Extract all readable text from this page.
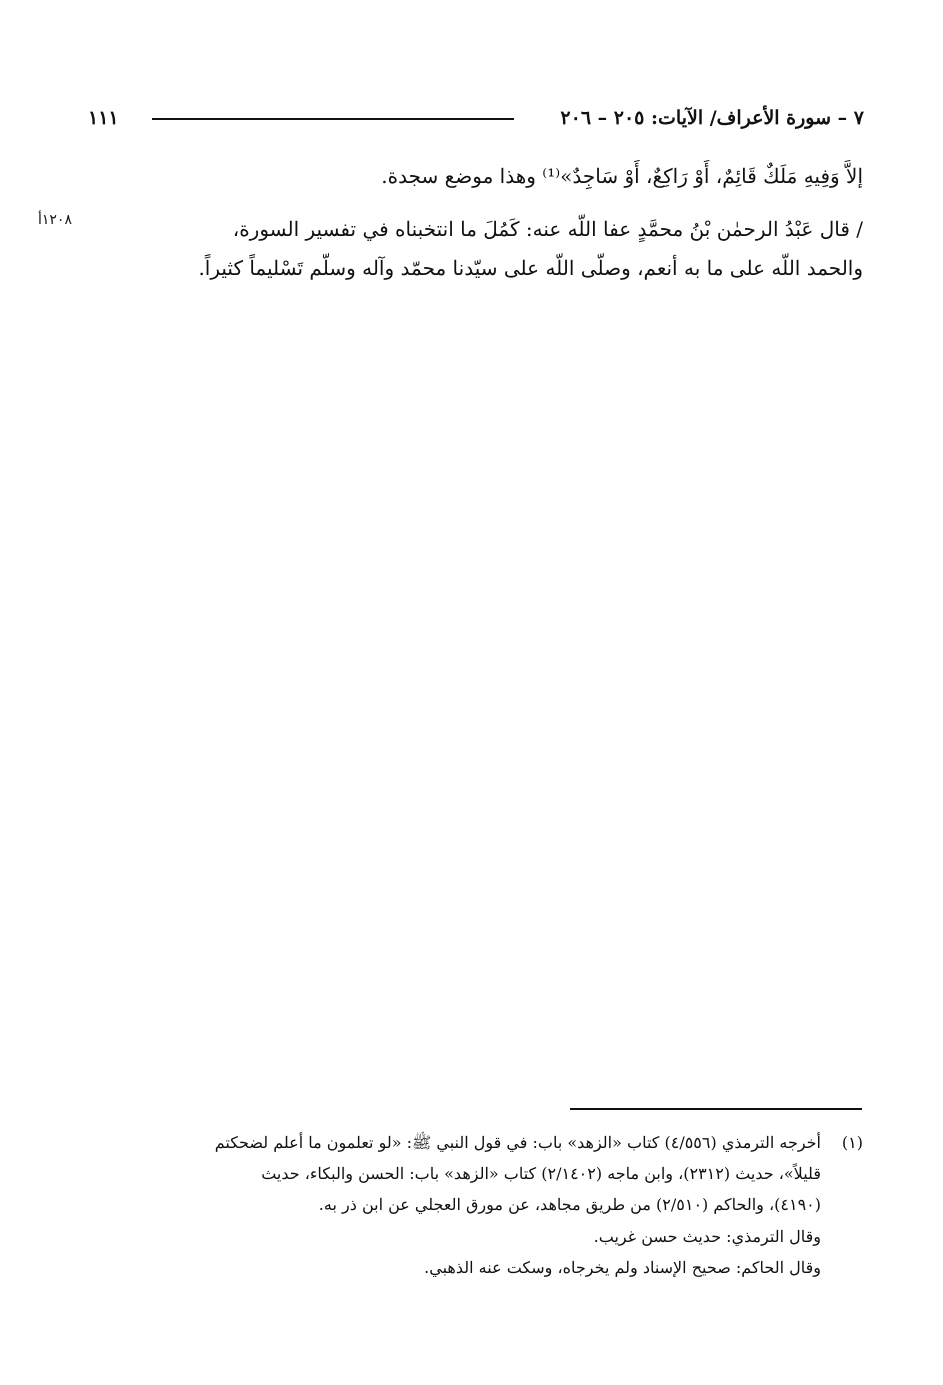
٧ – سورة الأعراف/ الآيات: ٢٠٥ – ٢٠٦
١١١
إلاَّ وَفِيهِ مَلَكٌ قَائِمٌ، أَوْ رَاكِعٌ، أَوْ سَاجِدٌ»⁽¹⁾ وهذا موضع سجدة.
/ قال عَبْدُ الرحمٰن بْنُ محمَّدٍ عفا اللّه عنه: كَمُلَ ما انتخبناه في تفسير السورة،
والحمد اللّه على ما به أنعم، وصلّى اللّه على سيّدنا محمّد وآله وسلّم تَسْليماً كثيراً.
١٢٠٨أ
(١)
أخرجه الترمذي (٤/٥٥٦) كتاب «الزهد» باب: في قول النبي ﷺ: «لو تعلمون ما أعلم لضحكتم
قليلاً»، حديث (٢٣١٢)، وابن ماجه (٢/١٤٠٢) كتاب «الزهد» باب: الحسن والبكاء، حديث
(٤١٩٠)، والحاكم (٢/٥١٠) من طريق مجاهد، عن مورق العجلي عن ابن ذر به.
وقال الترمذي: حديث حسن غريب.
وقال الحاكم: صحيح الإسناد ولم يخرجاه، وسكت عنه الذهبي.
